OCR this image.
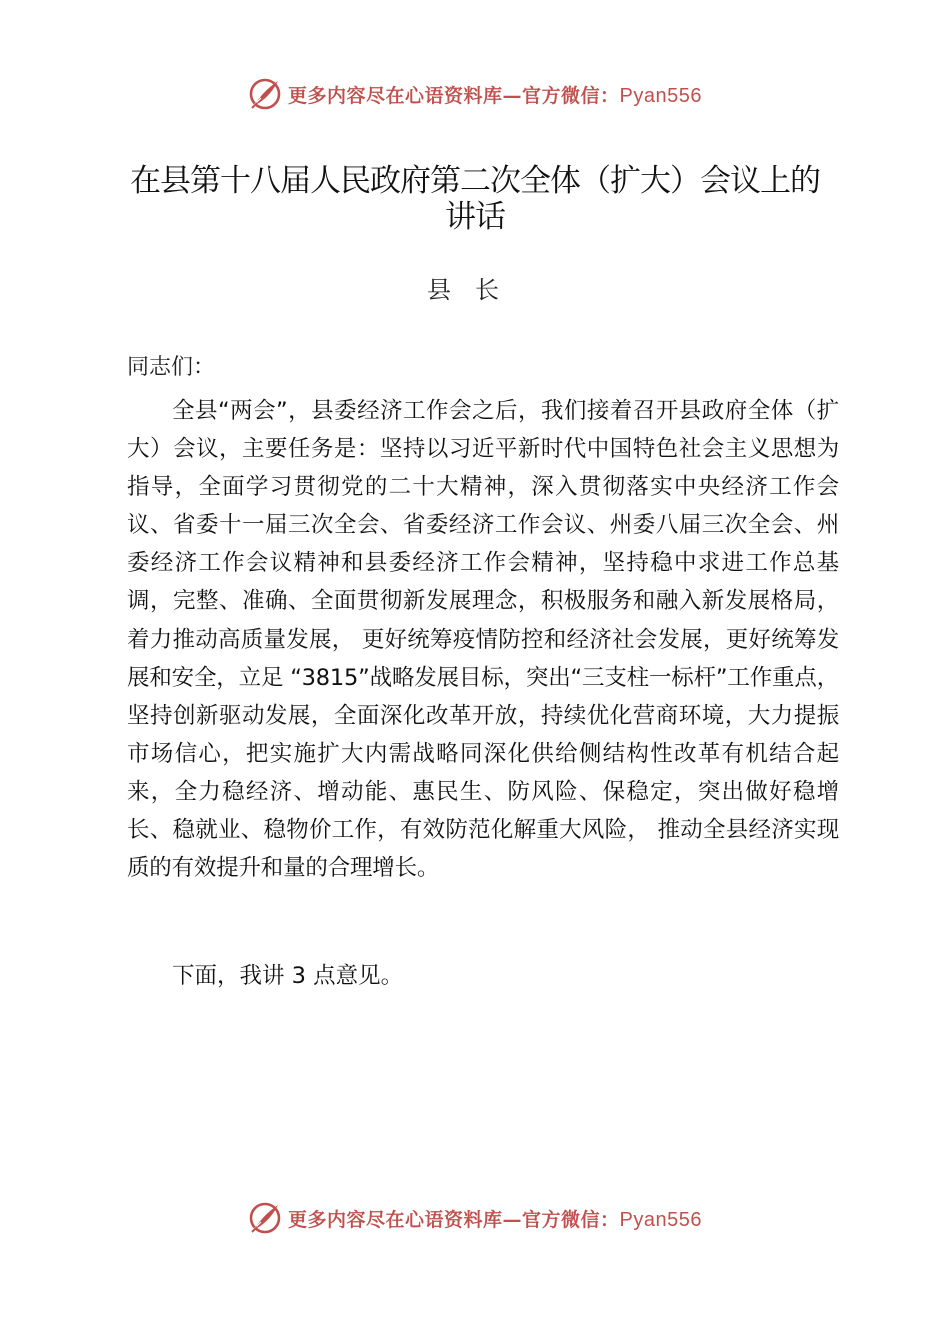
更多内容尽在心语资料库—官方微信：Pyan556
在县第十八届人民政府第二次全体（扩大）会议上的讲话
县长
同志们：

全县“两会”，县委经济工作会之后，我们接着召开县政府全体（扩大）会议，主要任务是：坚持以习近平新时代中国特色社会主义思想为指导，全面学习贯彻党的二十大精神，深入贯彻落实中央经济工作会议、省委十一届三次全会、省委经济工作会议、州委八届三次全会、州委经济工作会议精神和县委经济工作会精神，坚持稳中求进工作总基调，完整、准确、全面贯彻新发展理念，积极服务和融入新发展格局，着力推动高质量发展， 更好统筹疫情防控和经济社会发展，更好统筹发展和安全，立足 “3815”战略发展目标，突出“三支柱一标杆”工作重点，坚持创新驱动发展，全面深化改革开放，持续优化营商环境，大力提振市场信心，把实施扩大内需战略同深化供给侧结构性改革有机结合起来，全力稳经济、增动能、惠民生、防风险、保稳定，突出做好稳增长、稳就业、稳物价工作，有效防范化解重大风险， 推动全县经济实现质的有效提升和量的合理增长。

下面，我讲 3 点意见。

更多内容尽在心语资料库—官方微信：Pyan556
